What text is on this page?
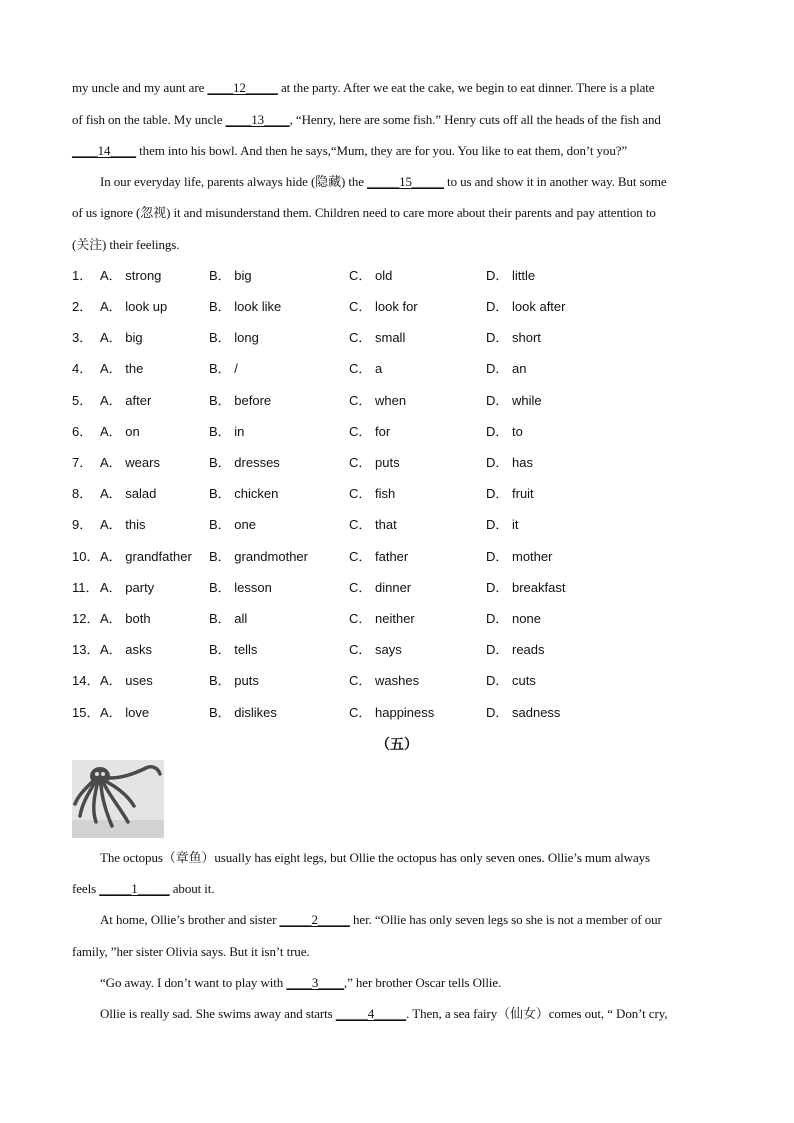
my uncle and my aunt are ____12_____ at the party. After we eat the cake, we begin to eat dinner. There is a plate
of fish on the table. My uncle ____13____, “Henry, here are some fish.” Henry cuts off all the heads of the fish and
____14____ them into his bowl. And then he says,“Mum, they are for you. You like to eat them, don’t you?”
In our everyday life, parents always hide (隐藏) the _____15_____ to us and show it in another way. But some
of us ignore (忽视) it and misunderstand them. Children need to care more about their parents and pay attention to
(关注) their feelings.
1． A． strong	B． big	C． old	D． little
2． A． look up	B． look like	C． look for	D． look after
3． A． big	B． long	C． small	D． short
4． A． the	B． /	C． a	D． an
5． A． after	B． before	C． when	D． while
6． A． on	B． in	C． for	D． to
7． A． wears	B． dresses	C． puts	D． has
8． A． salad	B． chicken	C． fish	D． fruit
9． A． this	B． one	C． that	D． it
10． A． grandfather B． grandmother	C． father	D． mother
11． A． party	B． lesson	C． dinner	D． breakfast
12． A． both	B． all	C． neither	D． none
13． A． asks	B． tells	C． says	D． reads
14． A． uses	B． puts	C． washes	D． cuts
15． A． love	B． dislikes	C． happiness	D． sadness
（五）
The octopus（章鱼）usually has eight legs, but Ollie the octopus has only seven ones. Ollie’s mum always
feels _____1_____ about it.
At home, Ollie’s brother and sister _____2_____ her. “Ollie has only seven legs so she is not a member of our
family, ”her sister Olivia says. But it isn’t true.
“Go away. I don’t want to play with ____3____,” her brother Oscar tells Ollie.
Ollie is really sad. She swims away and starts _____4_____. Then, a sea fairy（仙女）comes out, “ Don’t cry,
